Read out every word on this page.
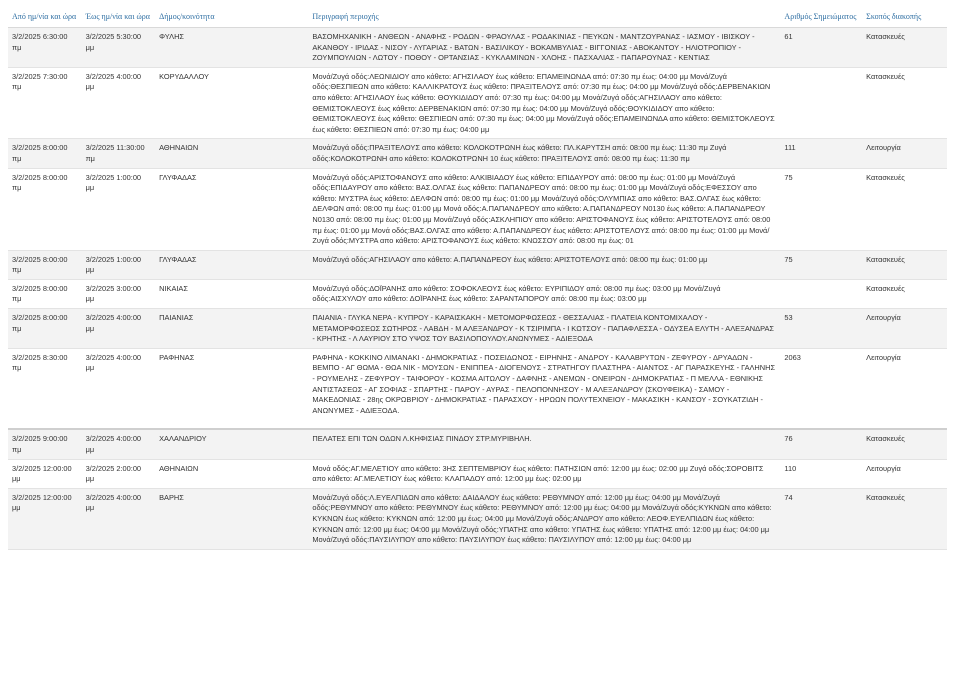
Από ημ/νία και ώρα	Έως ημ/νία και ώρα	Δήμος/κοινότητα	Περιγραφή περιοχής	Αριθμός Σημειώματος	Σκοπός διακοπής
3/2/2025 6:30:00 πμ	3/2/2025 5:30:00 μμ	ΦΥΛΗΣ	ΒΑΣΟΜΗΧΑΝΙΚΗ - ΑΝΘΕΩΝ - ΑΝΑΦΗΣ - ΡΟΔΩΝ - ΦΡΑΟΥΛΑΣ - ΡΟΔΑΚΙΝΙΑΣ - ΠΕΥΚΩΝ - ΜΑΝΤΖΟΥΡΑΝΑΣ - ΙΑΣΜΟΥ - ΙΒΙΣΚΟΥ - ΑΚΑΝΘΟΥ - ΙΡΙΔΑΣ - ΝΙΣΟΥ - ΛΥΓΑΡΙΑΣ - ΒΑΤΩΝ - ΒΑΣΙΛΙΚΟΥ - ΒΟΚΑΜΒΥΛΙΑΣ - ΒΙΓΓΟΝΙΑΣ - ΑΒΟΚΑΝΤΟΥ - ΗΛΙΟΤΡΟΠΙΟΥ - ΖΟΥΜΠΟΥΛΙΩΝ - ΛΩΤΟΥ - ΠΟΘΟΥ - ΟΡΤΑΝΣΙΑΣ - ΚΥΚΛΑΜΙΝΩΝ - ΧΛΟΗΣ - ΠΑΣΧΑΛΙΑΣ - ΠΑΠΑΡΟΥΝΑΣ - ΚΕΝΤΙΑΣ	61	Κατασκευές
3/2/2025 7:30:00 πμ	3/2/2025 4:00:00 μμ	ΚΟΡΥΔΑΛΛΟΥ	Μονά/Ζυγά οδός:ΛΕΩΝΙΔΙΟΥ απο κάθετο: ΑΓΗΣΙΛΑΟΥ έως κάθετο: ΕΠΑΜΕΙΝΩΝΔΑ από: 07:30 πμ έως: 04:00 μμ Μονά/Ζυγά οδός:ΘΕΣΠΙΕΩΝ απο κάθετο: ΚΑΛΛΙΚΡΑΤΟΥΣ έως κάθετο: ΠΡΑΞΙΤΕΛΟΥΣ από: 07:30 πμ έως: 04:00 μμ Μονά/Ζυγά οδός:ΔΕΡΒΕΝΑΚΙΩΝ απο κάθετο: ΑΓΗΣΙΛΑΟΥ έως κάθετο: ΘΟΥΚΙΔΙΔΟΥ από: 07:30 πμ έως: 04:00 μμ Μονά/Ζυγά οδός:ΑΓΗΣΙΛΑΟΥ απο κάθετο: ΘΕΜΙΣΤΟΚΛΕΟΥΣ έως κάθετο: ΔΕΡΒΕΝΑΚΙΩΝ από: 07:30 πμ έως: 04:00 μμ Μονά/Ζυγά οδός:ΘΟΥΚΙΔΙΔΟΥ απο κάθετο: ΘΕΜΙΣΤΟΚΛΕΟΥΣ έως κάθετο: ΘΕΣΠΙΕΩΝ από: 07:30 πμ έως: 04:00 μμ Μονά/Ζυγά οδός:ΕΠΑΜΕΙΝΩΝΔΑ απο κάθετο: ΘΕΜΙΣΤΟΚΛΕΟΥΣ έως κάθετο: ΘΕΣΠΙΕΩΝ από: 07:30 πμ έως: 04:00 μμ		Κατασκευές
3/2/2025 8:00:00 πμ	3/2/2025 11:30:00 πμ	ΑΘΗΝΑΙΩΝ	Μονά/Ζυγά οδός:ΠΡΑΞΙΤΕΛΟΥΣ απο κάθετο: ΚΟΛΟΚΟΤΡΩΝΗ έως κάθετο: ΠΛ.ΚΑΡΥΤΣΗ από: 08:00 πμ έως: 11:30 πμ Ζυγά οδός:ΚΟΛΟΚΟΤΡΩΝΗ απο κάθετο: ΚΟΛΟΚΟΤΡΩΝΗ 10 έως κάθετο: ΠΡΑΞΙΤΕΛΟΥΣ από: 08:00 πμ έως: 11:30 πμ	111	Λειτουργία
3/2/2025 8:00:00 πμ	3/2/2025 1:00:00 μμ	ΓΛΥΦΑΔΑΣ	Μονά/Ζυγά οδός:ΑΡΙΣΤΟΦΑΝΟΥΣ απο κάθετο: ΑΛΚΙΒΙΑΔΟΥ έως κάθετο: ΕΠΙΔΑΥΡΟΥ από: 08:00 πμ έως: 01:00 μμ Μονά/Ζυγά οδός:ΕΠΙΔΑΥΡΟΥ απο κάθετο: ΒΑΣ.ΟΛΓΑΣ έως κάθετο: ΠΑΠΑΝΔΡΕΟΥ από: 08:00 πμ έως: 01:00 μμ Μονά/Ζυγά οδός:ΕΦΕΣΣΟΥ απο κάθετο: ΜΥΣΤΡΑ έως κάθετο: ΔΕΛΦΩΝ από: 08:00 πμ έως: 01:00 μμ Μονά/Ζυγά οδός:ΟΛΥΜΠΙΑΣ απο κάθετο: ΒΑΣ.ΟΛΓΑΣ έως κάθετο: ΔΕΛΦΩΝ από: 08:00 πμ έως: 01:00 μμ Μονά οδός:Α.ΠΑΠΑΝΔΡΕΟΥ απο κάθετο: Α.ΠΑΠΑΝΔΡΕΟΥ Ν0130 έως κάθετο: Α.ΠΑΠΑΝΔΡΕΟΥ Ν0130 από: 08:00 πμ έως: 01:00 μμ Μονά/Ζυγά οδός:ΑΣΚΛΗΠΙΟΥ απο κάθετο: ΑΡΙΣΤΟΦΑΝΟΥΣ έως κάθετο: ΑΡΙΣΤΟΤΕΛΟΥΣ από: 08:00 πμ έως: 01:00 μμ Μονά οδός:ΒΑΣ.ΟΛΓΑΣ απο κάθετο: Α.ΠΑΠΑΝΔΡΕΟΥ έως κάθετο: ΑΡΙΣΤΟΤΕΛΟΥΣ από: 08:00 πμ έως: 01:00 μμ Μονά/Ζυγά οδός:ΜΥΣΤΡΑ απο κάθετο: ΑΡΙΣΤΟΦΑΝΟΥΣ έως κάθετο: ΚΝΩΣΣΟΥ από: 08:00 πμ έως: 01	75	Κατασκευές
3/2/2025 8:00:00 πμ	3/2/2025 1:00:00 μμ	ΓΛΥΦΑΔΑΣ	Μονά/Ζυγά οδός:ΑΓΗΣΙΛΑΟΥ απο κάθετο: Α.ΠΑΠΑΝΔΡΕΟΥ έως κάθετο: ΑΡΙΣΤΟΤΕΛΟΥΣ από: 08:00 πμ έως: 01:00 μμ	75	Κατασκευές
3/2/2025 8:00:00 πμ	3/2/2025 3:00:00 μμ	ΝΙΚΑΙΑΣ	Μονά/Ζυγά οδός:ΔΟΪΡΑΝΗΣ απο κάθετο: ΣΟΦΟΚΛΕΟΥΣ έως κάθετο: ΕΥΡΙΠΙΔΟΥ από: 08:00 πμ έως: 03:00 μμ Μονά/Ζυγά οδός:ΑΙΣΧΥΛΟΥ απο κάθετο: ΔΟΪΡΑΝΗΣ έως κάθετο: ΣΑΡΑΝΤΑΠΟΡΟΥ από: 08:00 πμ έως: 03:00 μμ		Κατασκευές
3/2/2025 8:00:00 πμ	3/2/2025 4:00:00 μμ	ΠΑΙΑΝΙΑΣ	ΠΑΙΑΝΙΑ - ΓΛΥΚΑ ΝΕΡΑ - ΚΥΠΡΟΥ - ΚΑΡΑΙΣΚΑΚΗ - ΜΕΤΟΜΟΡΦΩΣΕΩΣ - ΘΕΣΣΑΛΙΑΣ - ΠΛΑΤΕΙΑ ΚΟΝΤΟΜΙΧΑΛΟΥ - ΜΕΤΑΜΟΡΦΩΣΕΩΣ ΣΩΤΗΡΟΣ - ΛΑΒΔΗ - Μ ΑΛΕΞΑΝΔΡΟΥ - Κ ΤΣΙΡΙΜΠΑ - Ι ΚΩΤΣΟΥ - ΠΑΠΑΦΛΕΣΣΑ - ΟΔΥΣΕΑ ΕΛΥΤΗ - ΑΛΕΞΑΝΔΡΑΣ - ΚΡΗΤΗΣ - Λ ΛΑΥΡΙΟΥ ΣΤΟ ΥΨΟΣ ΤΟΥ ΒΑΣΙΛΟΠΟΥΛΟΥ.ΑΝΩΝΥΜΕΣ - ΑΔΙΕΞΟΔΑ	53	Λειτουργία
3/2/2025 8:30:00 πμ	3/2/2025 4:00:00 μμ	ΡΑΦΗΝΑΣ	ΡΑΦΗΝΑ - ΚΟΚΚΙΝΟ ΛΙΜΑΝΑΚΙ - ΔΗΜΟΚΡΑΤΙΑΣ - ΠΟΣΕΙΔΩΝΟΣ - ΕΙΡΗΝΗΣ - ΑΝΔΡΟΥ - ΚΑΛΑΒΡΥΤΩΝ - ΖΕΦΥΡΟΥ - ΔΡΥΑΔΩΝ - ΒΕΜΠΟ - ΑΓ ΘΩΜΑ - ΘΩΑ ΝΙΚ - ΜΟΥΣΩΝ - ΕΝΙΠΠΕΑ - ΔΙΟΓΕΝΟΥΣ - ΣΤΡΑΤΗΓΟΥ ΠΛΑΣΤΗΡΑ - ΑΙΑΝΤΟΣ - ΑΓ ΠΑΡΑΣΚΕΥΗΣ - ΓΑΛΗΝΗΣ - ΡΟΥΜΕΛΗΣ - ΖΕΦΥΡΟΥ - ΤΑΙΦΟΡΟΥ - ΚΟΣΜΑ ΑΙΤΩΛΟΥ - ΔΑΦΝΗΣ - ΑΝΕΜΩΝ - ΟΝΕΙΡΩΝ - ΔΗΜΟΚΡΑΤΙΑΣ - Π ΜΕΛΛΑ - ΕΘΝΙΚΗΣ ΑΝΤΙΣΤΑΣΕΩΣ - ΑΓ ΣΟΦΙΑΣ - ΣΠΑΡΤΗΣ - ΠΑΡΟΥ - ΑΥΡΑΣ - ΠΕΛΟΠΟΝΝΗΣΟΥ - Μ ΑΛΕΞΑΝΔΡΟΥ (ΣΚΟΥΦΕΙΚΑ) - ΣΑΜΟΥ - ΜΑΚΕΔΟΝΙΑΣ - 28ης ΟΚΡΩΒΡΙΟΥ - ΔΗΜΟΚΡΑΤΙΑΣ - ΠΑΡΑΣΧΟΥ - ΗΡΩΩΝ ΠΟΛΥΤΕΧΝΕΙΟΥ - ΜΑΚΑΣΙΚΗ - ΚΑΝΣΟΥ - ΣΟΥΚΑΤΖΙΔΗ - ΑΝΩΝΥΜΕΣ - ΑΔΙΕΞΟΔΑ.	2063	Λειτουργία
3/2/2025 9:00:00 πμ	3/2/2025 4:00:00 μμ	ΧΑΛΑΝΔΡΙΟΥ	ΠΕΛΑΤΕΣ ΕΠΙ ΤΩΝ ΟΔΩΝ Λ.ΚΗΦΙΣΙΑΣ ΠΙΝΔΟΥ ΣΤΡ.ΜΥΡΙΒΗΛΗ.	76	Κατασκευές
3/2/2025 12:00:00 μμ	3/2/2025 2:00:00 μμ	ΑΘΗΝΑΙΩΝ	Μονά οδός:ΑΓ.ΜΕΛΕΤΙΟΥ απο κάθετο: 3ΗΣ ΣΕΠΤΕΜΒΡΙΟΥ έως κάθετο: ΠΑΤΗΣΙΩΝ από: 12:00 μμ έως: 02:00 μμ Ζυγά οδός:ΣΟΡΟΒΙΤΣ απο κάθετο: ΑΓ.ΜΕΛΕΤΙΟΥ έως κάθετο: ΚΛΑΠΑΔΟΥ από: 12:00 μμ έως: 02:00 μμ	110	Λειτουργία
3/2/2025 12:00:00 μμ	3/2/2025 4:00:00 μμ	ΒΑΡΗΣ	Μονά/Ζυγά οδός:Λ.ΕΥΕΛΠΙΔΩΝ απο κάθετο: ΔΑΙΔΑΛΟΥ έως κάθετο: ΡΕΘΥΜΝΟΥ από: 12:00 μμ έως: 04:00 μμ Μονά/Ζυγά οδός:ΡΕΘΥΜΝΟΥ απο κάθετο: ΡΕΘΥΜΝΟΥ έως κάθετο: ΡΕΘΥΜΝΟΥ από: 12:00 μμ έως: 04:00 μμ Μονά/Ζυγά οδός:ΚΥΚΝΩΝ απο κάθετο: ΚΥΚΝΩΝ έως κάθετο: ΚΥΚΝΩΝ από: 12:00 μμ έως: 04:00 μμ Μονά/Ζυγά οδός:ΑΝΔΡΟΥ απο κάθετο: ΛΕΟΦ.ΕΥΕΛΠΙΔΩΝ έως κάθετο: ΚΥΚΝΩΝ από: 12:00 μμ έως: 04:00 μμ Μονά/Ζυγά οδός:ΥΠΑΤΗΣ απο κάθετο: ΥΠΑΤΗΣ έως κάθετο: ΥΠΑΤΗΣ από: 12:00 μμ έως: 04:00 μμ Μονά/Ζυγά οδός:ΠΑΥΣΙΛΥΠΟΥ απο κάθετο: ΠΑΥΣΙΛΥΠΟΥ έως κάθετο: ΠΑΥΣΙΛΥΠΟΥ από: 12:00 μμ έως: 04:00 μμ	74	Κατασκευές
